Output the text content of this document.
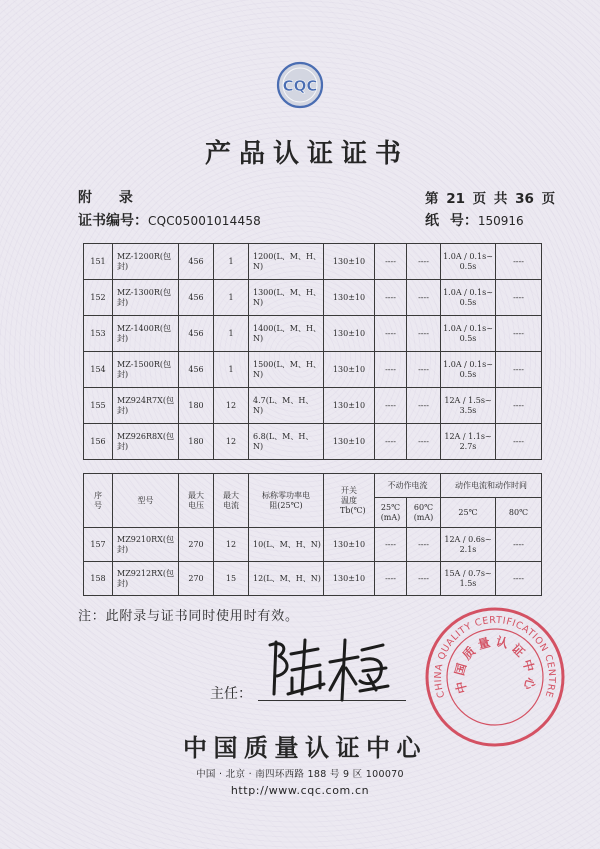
CQC
产品认证证书
附 录	第 21 页 共 36 页
证书编号：CQC05001014458	纸 号：150916
151	MZ-1200R(包封)	456	1	1200(L、M、H、N)	130±10	----	----	1.0A / 0.1s~0.5s	----
152	MZ-1300R(包封)	456	1	1300(L、M、H、N)	130±10	----	----	1.0A / 0.1s~0.5s	----
153	MZ-1400R(包封)	456	1	1400(L、M、H、N)	130±10	----	----	1.0A / 0.1s~0.5s	----
154	MZ-1500R(包封)	456	1	1500(L、M、H、N)	130±10	----	----	1.0A / 0.1s~0.5s	----
155	MZ924R7X(包封)	180	12	4.7(L、M、H、N)	130±10	----	----	12A / 1.5s~3.5s	----
156	MZ926R8X(包封)	180	12	6.8(L、M、H、N)	130±10	----	----	12A / 1.1s~2.7s	----
序号	型号	最大电压	最大电流	标称零功率电阻(25℃)	开关温度Tb(℃)	不动作电流		动作电流和动作时间	
						25℃ (mA)	60℃ (mA)	25℃	80℃
157	MZ9210RX(包封)	270	12	10(L、M、H、N)	130±10	----	----	12A / 0.6s~2.1s	----
158	MZ9212RX(包封)	270	15	12(L、M、H、N)	130±10	----	----	15A / 0.7s~1.5s	----
注：此附录与证书同时使用时有效。
主任：	CHINA QUALITY CERTIFICATION CENTRE
中国质量认证中心
中国质量认证中心
中国 · 北京 · 南四环西路 188 号 9 区 100070
http://www.cqc.com.cn
